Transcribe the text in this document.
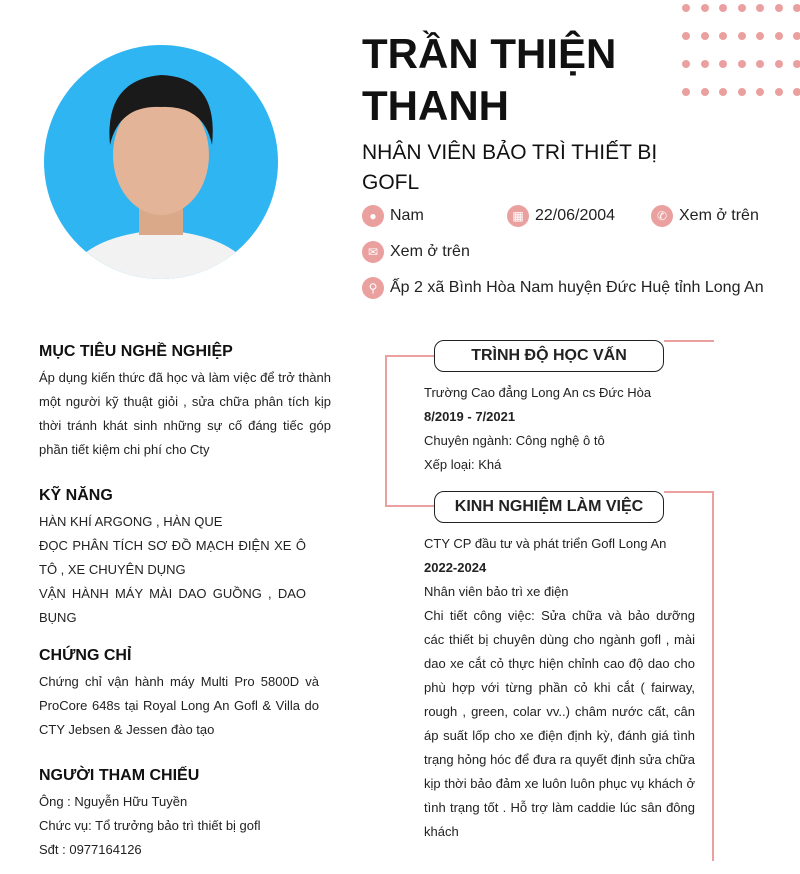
TRẦN THIỆN
THANH
NHÂN VIÊN BẢO TRÌ THIẾT BỊ GOFL
● Nam	▦ 22/06/2004	✆ Xem ở trên
✉ Xem ở trên
⚲ Ấp 2 xã Bình Hòa Nam huyện Đức Huệ tỉnh Long An
MỤC TIÊU NGHỀ NGHIỆP

Áp dụng kiến thức đã học và làm việc để trở thành một người kỹ thuật giỏi , sửa chữa phân tích kịp thời tránh khát sinh những sự cố đáng tiếc góp phần tiết kiệm chi phí cho Cty

KỸ NĂNG

HÀN KHÍ ARGONG , HÀN QUE

ĐỌC PHÂN TÍCH SƠ ĐỒ MẠCH ĐIỆN XE Ô TÔ , XE CHUYÊN DỤNG

VẬN HÀNH MÁY MÀI DAO GUỒNG , DAO BỤNG

CHỨNG CHỈ

Chứng chỉ vận hành máy Multi Pro 5800D và ProCore 648s tại Royal Long An Gofl & Villa do CTY Jebsen & Jessen đào tạo

NGƯỜI THAM CHIẾU

Ông : Nguyễn Hữu Tuyền

Chức vụ: Tổ trưởng bảo trì thiết bị gofl

Sđt : 0977164126

TRÌNH ĐỘ HỌC VẤN

Trường Cao đẳng Long An cs Đức Hòa

8/2019 - 7/2021

Chuyên ngành: Công nghệ ô tô

Xếp loại: Khá

KINH NGHIỆM LÀM VIỆC

CTY CP đầu tư và phát triển Gofl Long An

2022-2024

Nhân viên bảo trì xe điện

Chi tiết công việc: Sửa chữa và bảo dưỡng các thiết bị chuyên dùng cho ngành gofl , mài dao xe cắt cỏ thực hiện chỉnh cao độ dao cho phù hợp với từng phần cỏ khi cắt ( fairway, rough , green, colar vv..) châm nước cất, cân áp suất lốp cho xe điện định kỳ, đánh giá tình trạng hỏng hóc để đưa ra quyết định sửa chữa kịp thời bảo đảm xe luôn luôn phục vụ khách ở tình trạng tốt . Hỗ trợ làm caddie lúc sân đông khách
